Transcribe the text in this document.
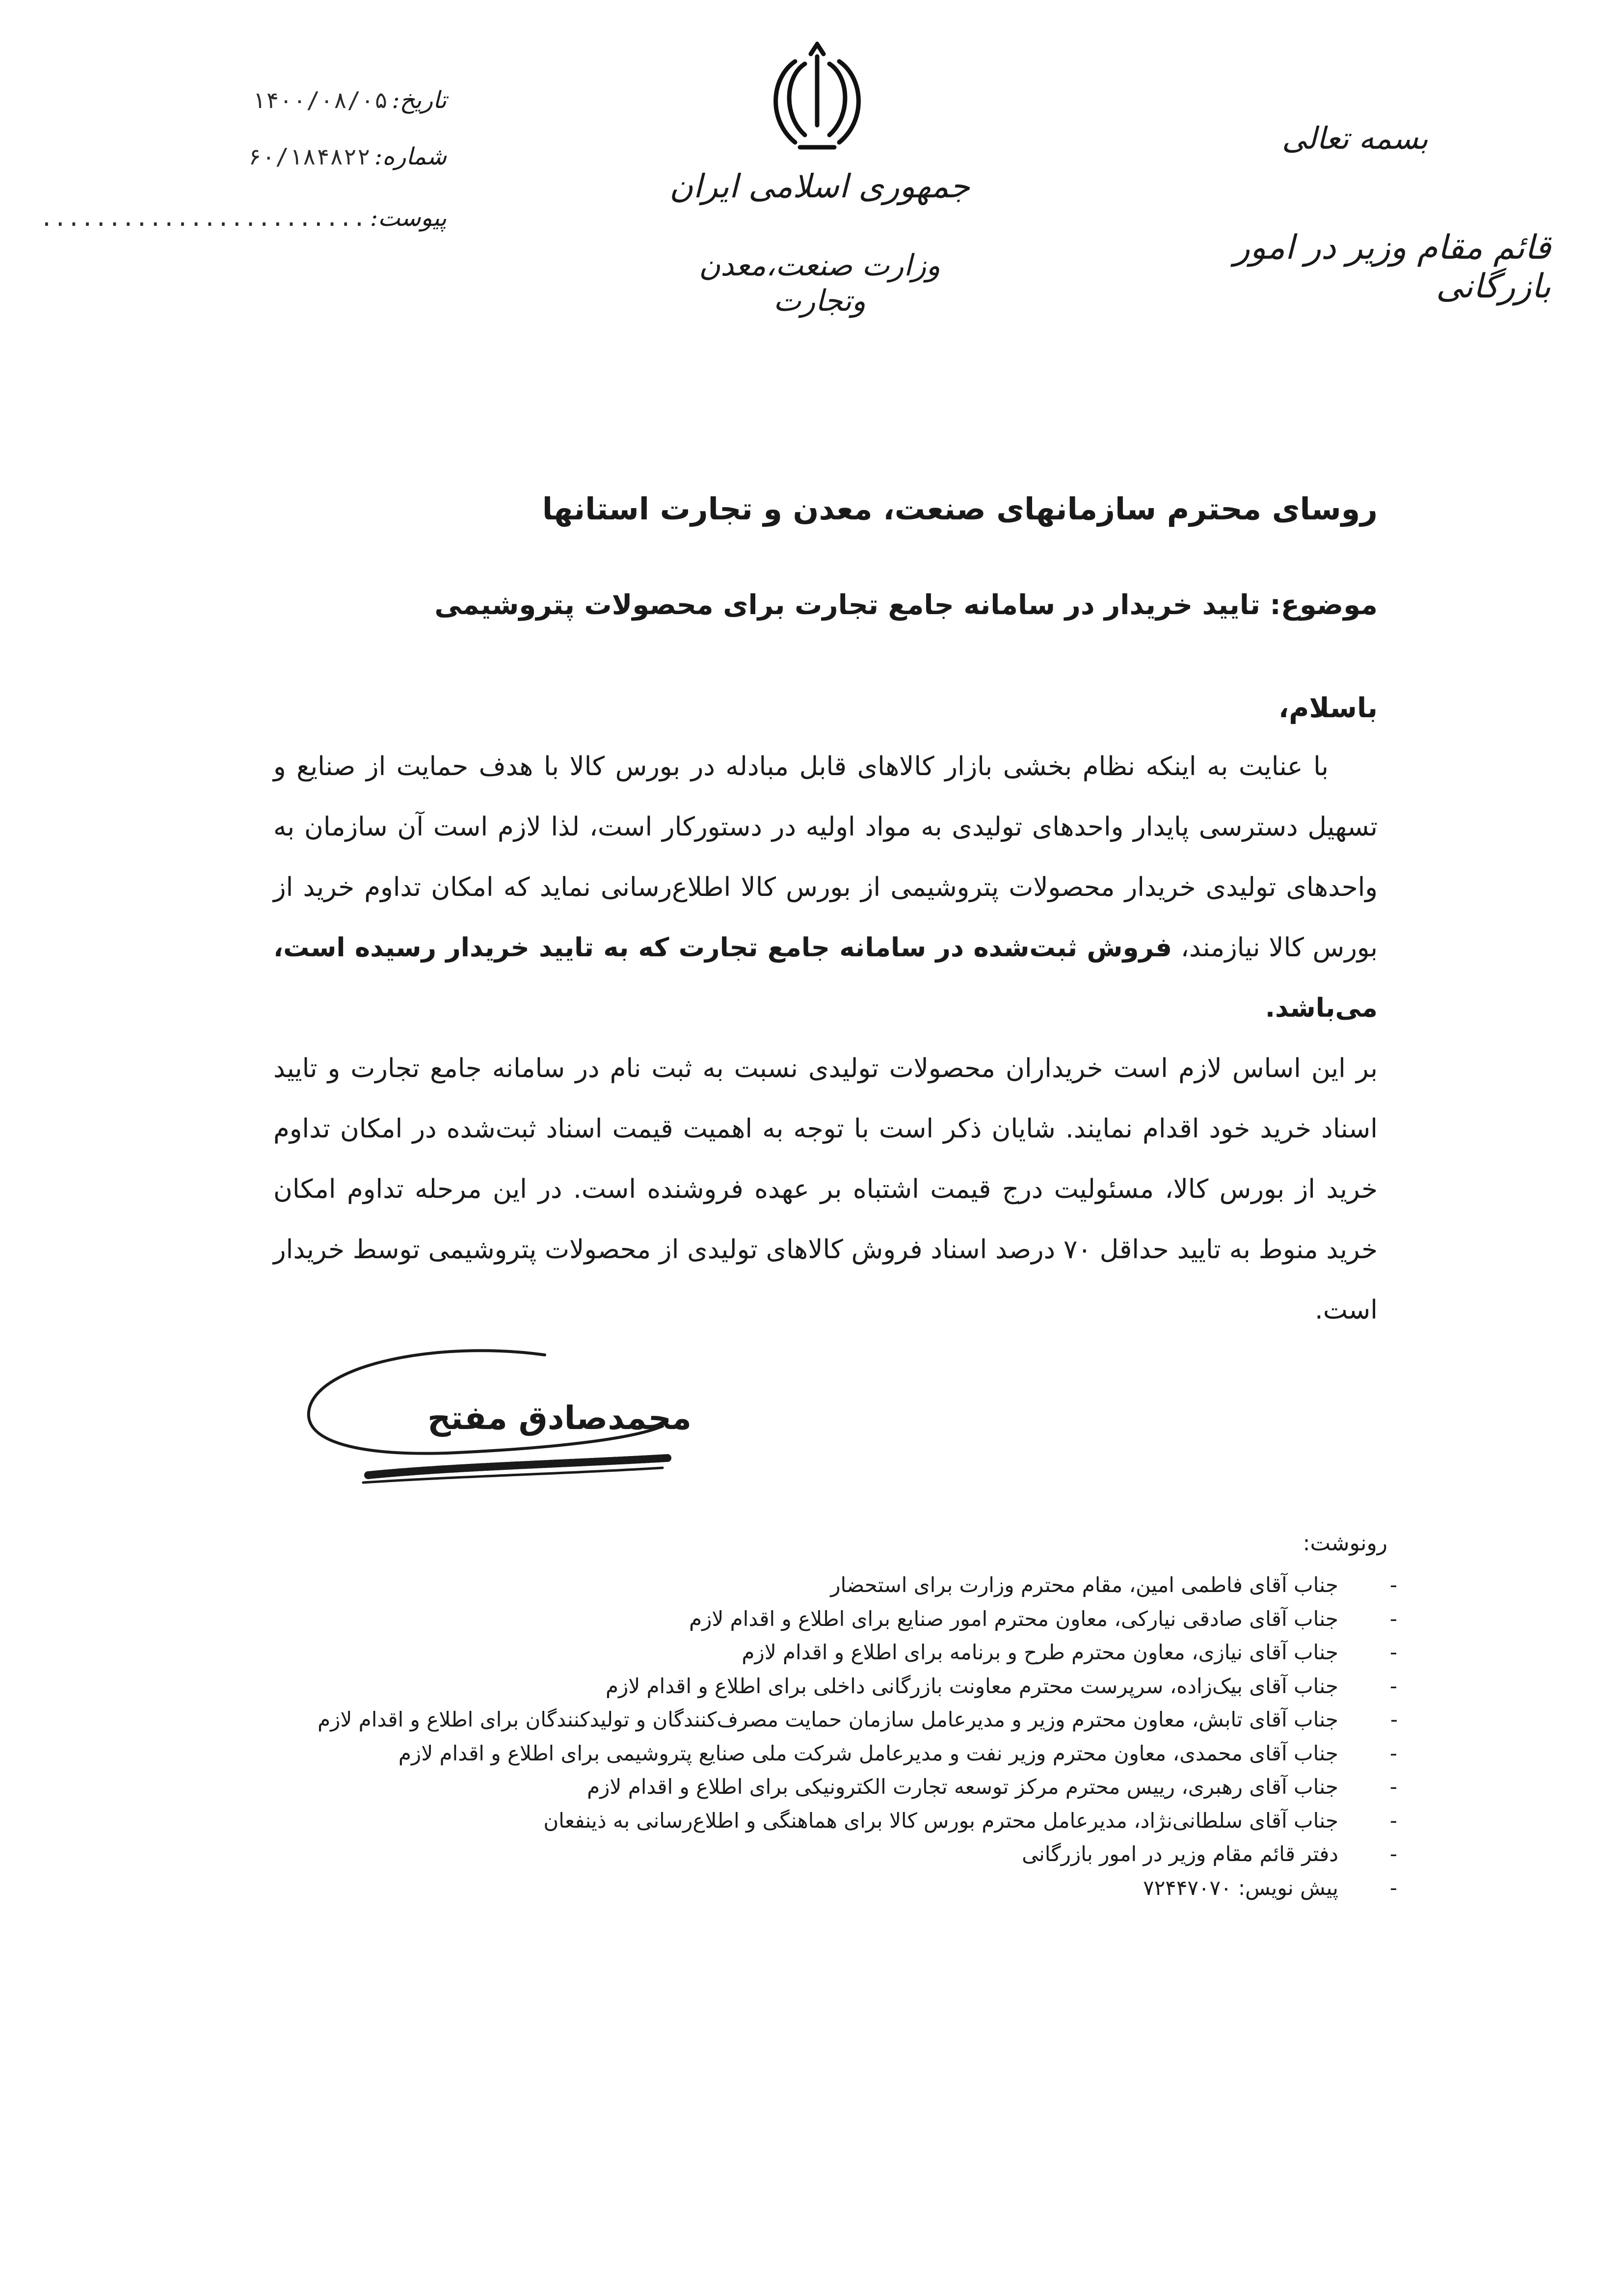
جمهوری اسلامی ایران
وزارت صنعت،معدن وتجارت
بسمه تعالی
قائم مقام وزیر در امور بازرگانی
تاریخ:۱۴۰۰/۰۸/۰۵
شماره:۶۰/۱۸۴۸۲۲
پیوست:........................
روسای محترم سازمانهای صنعت، معدن و تجارت استانها
موضوع: تایید خریدار در سامانه جامع تجارت برای محصولات پتروشیمی
باسلام،
با عنایت به اینکه نظام بخشی بازار کالاهای قابل مبادله در بورس کالا با هدف حمایت از صنایع و تسهیل دسترسی پایدار واحدهای تولیدی به مواد اولیه در دستورکار است، لذا لازم است آن سازمان به واحدهای تولیدی خریدار محصولات پتروشیمی از بورس کالا اطلاع‌رسانی نماید که امکان تداوم خرید از بورس کالا نیازمند، فروش ثبت‌شده در سامانه جامع تجارت که به تایید خریدار رسیده است، می‌باشد.
بر این اساس لازم است خریداران محصولات تولیدی نسبت به ثبت نام در سامانه جامع تجارت و تایید اسناد خرید خود اقدام نمایند. شایان ذکر است با توجه به اهمیت قیمت اسناد ثبت‌شده در امکان تداوم خرید از بورس کالا، مسئولیت درج قیمت اشتباه بر عهده فروشنده است. در این مرحله تداوم امکان خرید منوط به تایید حداقل ۷۰ درصد اسناد فروش کالاهای تولیدی از محصولات پتروشیمی توسط خریدار است.
محمدصادق مفتح
رونوشت:
-
جناب آقای فاطمی امین، مقام محترم وزارت برای استحضار
-
جناب آقای صادقی نیارکی، معاون محترم امور صنایع برای اطلاع و اقدام لازم
-
جناب آقای نیازی، معاون محترم طرح و برنامه برای اطلاع و اقدام لازم
-
جناب آقای بیک‌زاده، سرپرست محترم معاونت بازرگانی داخلی برای اطلاع و اقدام لازم
-
جناب آقای تابش، معاون محترم وزیر و مدیرعامل سازمان حمایت مصرف‌کنندگان و تولیدکنندگان برای اطلاع و اقدام لازم
-
جناب آقای محمدی، معاون محترم وزیر نفت و مدیرعامل شرکت ملی صنایع پتروشیمی برای اطلاع و اقدام لازم
-
جناب آقای رهبری، رییس محترم مرکز توسعه تجارت الکترونیکی برای اطلاع و اقدام لازم
-
جناب آقای سلطانی‌نژاد، مدیرعامل محترم بورس کالا برای هماهنگی و اطلاع‌رسانی به ذینفعان
-
دفتر قائم مقام وزیر در امور بازرگانی
-
پیش نویس: ۷۲۴۴۷۰۷۰
